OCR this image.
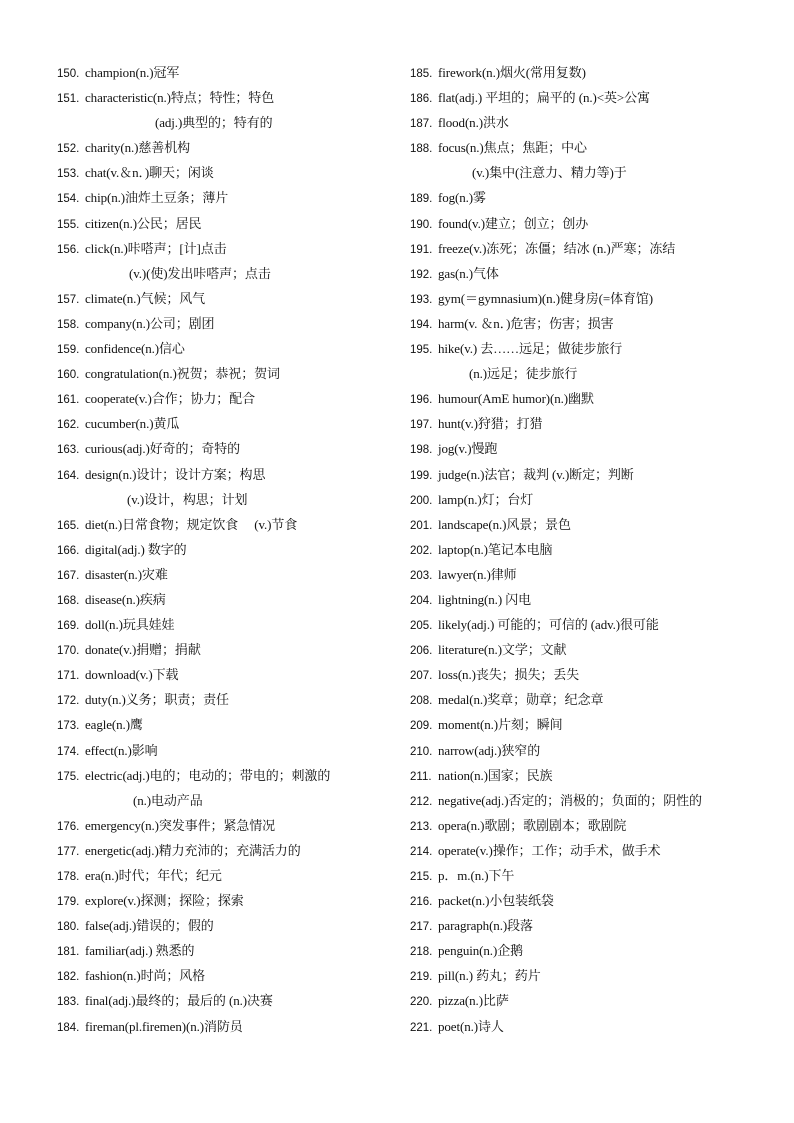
150. champion(n.)冠军
151. characteristic(n.)特点；特性；特色
(adj.)典型的；特有的
152. charity(n.)慈善机构
153. chat(v.＆n．)聊天；闲谈
154. chip(n.)油炸土豆条；薄片
155. citizen(n.)公民；居民
156. click(n.)咔嗒声；[计]点击
(v.)(使)发出咔嗒声；点击
157. climate(n.)气候；风气
158. company(n.)公司；剧团
159. confidence(n.)信心
160. congratulation(n.)祝贺；恭祝；贺词
161. cooperate(v.)合作；协力；配合
162. cucumber(n.)黄瓜
163. curious(adj.)好奇的；奇特的
164. design(n.)设计；设计方案；构思
(v.)设计，构思；计划
165. diet(n.)日常食物；规定饮食　 (v.)节食
166. digital(adj.) 数字的
167. disaster(n.)灾难
168. disease(n.)疾病
169. doll(n.)玩具娃娃
170. donate(v.)捐赠；捐献
171. download(v.)下载
172. duty(n.)义务；职责；责任
173. eagle(n.)鹰
174. effect(n.)影响
175. electric(adj.)电的；电动的；带电的；刺激的
(n.)电动产品
176. emergency(n.)突发事件；紧急情况
177. energetic(adj.)精力充沛的；充满活力的
178. era(n.)时代；年代；纪元
179. explore(v.)探测；探险；探索
180. false(adj.)错误的；假的
181. familiar(adj.) 熟悉的
182. fashion(n.)时尚；风格
183. final(adj.)最终的；最后的 (n.)决赛
184. fireman(pl.firemen)(n.)消防员
185. firework(n.)烟火(常用复数)
186. flat(adj.) 平坦的；扁平的 (n.)<英>公寓
187. flood(n.)洪水
188. focus(n.)焦点；焦距；中心
(v.)集中(注意力、精力等)于
189. fog(n.)雾
190. found(v.)建立；创立；创办
191. freeze(v.)冻死；冻僵；结冰 (n.)严寒；冻结
192. gas(n.)气体
193. gym(＝gymnasium)(n.)健身房(=体育馆)
194. harm(v. ＆n．)危害；伤害；损害
195. hike(v.) 去……远足；做徒步旅行
(n.)远足；徒步旅行
196. humour(AmE humor)(n.)幽默
197. hunt(v.)狩猎；打猎
198. jog(v.)慢跑
199. judge(n.)法官；裁判 (v.)断定；判断
200. lamp(n.)灯；台灯
201. landscape(n.)风景；景色
202. laptop(n.)笔记本电脑
203. lawyer(n.)律师
204. lightning(n.) 闪电
205. likely(adj.) 可能的；可信的 (adv.)很可能
206. literature(n.)文学；文献
207. loss(n.)丧失；损失；丢失
208. medal(n.)奖章；勋章；纪念章
209. moment(n.)片刻；瞬间
210. narrow(adj.)狭窄的
211. nation(n.)国家；民族
212. negative(adj.)否定的；消极的；负面的；阴性的
213. opera(n.)歌剧；歌剧剧本；歌剧院
214. operate(v.)操作；工作；动手术，做手术
215. p．m.(n.)下午
216. packet(n.)小包装纸袋
217. paragraph(n.)段落
218. penguin(n.)企鹅
219. pill(n.) 药丸；药片
220. pizza(n.)比萨
221. poet(n.)诗人
